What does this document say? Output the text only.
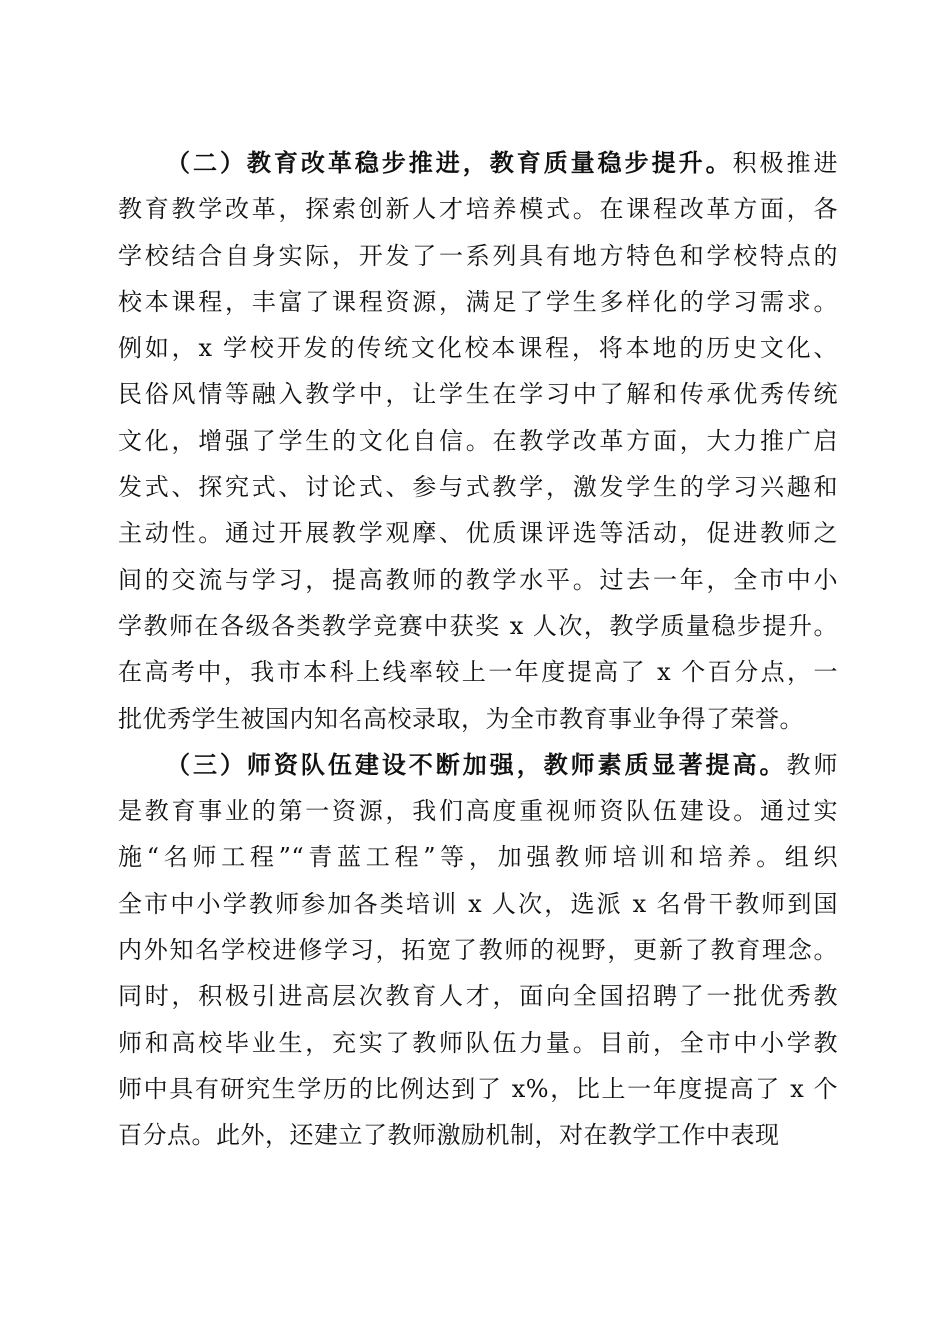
（二）教育改革稳步推进，教育质量稳步提升。积极推进
教育教学改革，探索创新人才培养模式。在课程改革方面，各
学校结合自身实际，开发了一系列具有地方特色和学校特点的
校本课程，丰富了课程资源，满足了学生多样化的学习需求。
例如，x 学校开发的传统文化校本课程，将本地的历史文化、
民俗风情等融入教学中，让学生在学习中了解和传承优秀传统
文化，增强了学生的文化自信。在教学改革方面，大力推广启
发式、探究式、讨论式、参与式教学，激发学生的学习兴趣和
主动性。通过开展教学观摩、优质课评选等活动，促进教师之
间的交流与学习，提高教师的教学水平。过去一年，全市中小
学教师在各级各类教学竞赛中获奖 x 人次，教学质量稳步提升。
在高考中，我市本科上线率较上一年度提高了 x 个百分点，一
批优秀学生被国内知名高校录取，为全市教育事业争得了荣誉。
（三）师资队伍建设不断加强，教师素质显著提高。教师
是教育事业的第一资源，我们高度重视师资队伍建设。通过实
施“名师工程”“青蓝工程”等，加强教师培训和培养。组织
全市中小学教师参加各类培训 x 人次，选派 x 名骨干教师到国
内外知名学校进修学习，拓宽了教师的视野，更新了教育理念。
同时，积极引进高层次教育人才，面向全国招聘了一批优秀教
师和高校毕业生，充实了教师队伍力量。目前，全市中小学教
师中具有研究生学历的比例达到了 x%，比上一年度提高了 x 个
百分点。此外，还建立了教师激励机制，对在教学工作中表现
